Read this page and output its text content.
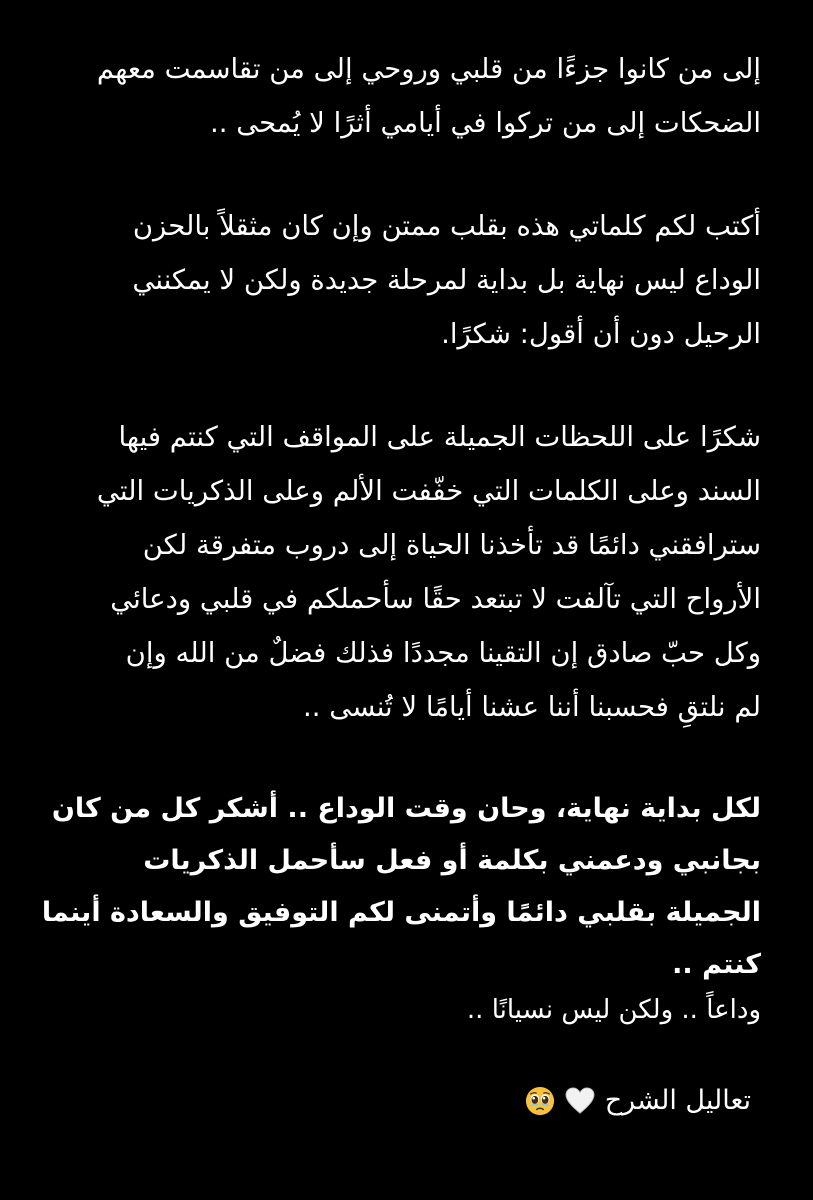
إلى من كانوا جزءًا من قلبي وروحي إلى من تقاسمت معهم
الضحكات إلى من تركوا في أيامي أثرًا لا يُمحى ..
أكتب لكم كلماتي هذه بقلب ممتن وإن كان مثقلاً بالحزن
الوداع ليس نهاية بل بداية لمرحلة جديدة ولكن لا يمكنني
الرحيل دون أن أقول: شكرًا.
شكرًا على اللحظات الجميلة على المواقف التي كنتم فيها
السند وعلى الكلمات التي خفّفت الألم وعلى الذكريات التي
سترافقني دائمًا قد تأخذنا الحياة إلى دروب متفرقة لكن
الأرواح التي تآلفت لا تبتعد حقًا سأحملكم في قلبي ودعائي
وكل حبّ صادق إن التقينا مجددًا فذلك فضلٌ من الله وإن
لم نلتقِ فحسبنا أننا عشنا أيامًا لا تُنسى ..
لكل بداية نهاية، وحان وقت الوداع .. أشكر كل من كان
بجانبي ودعمني بكلمة أو فعل سأحمل الذكريات
الجميلة بقلبي دائمًا وأتمنى لكم التوفيق والسعادة أينما
كنتم ..
وداعاً .. ولكن ليس نسيانًا ..
تعاليل الشرح
